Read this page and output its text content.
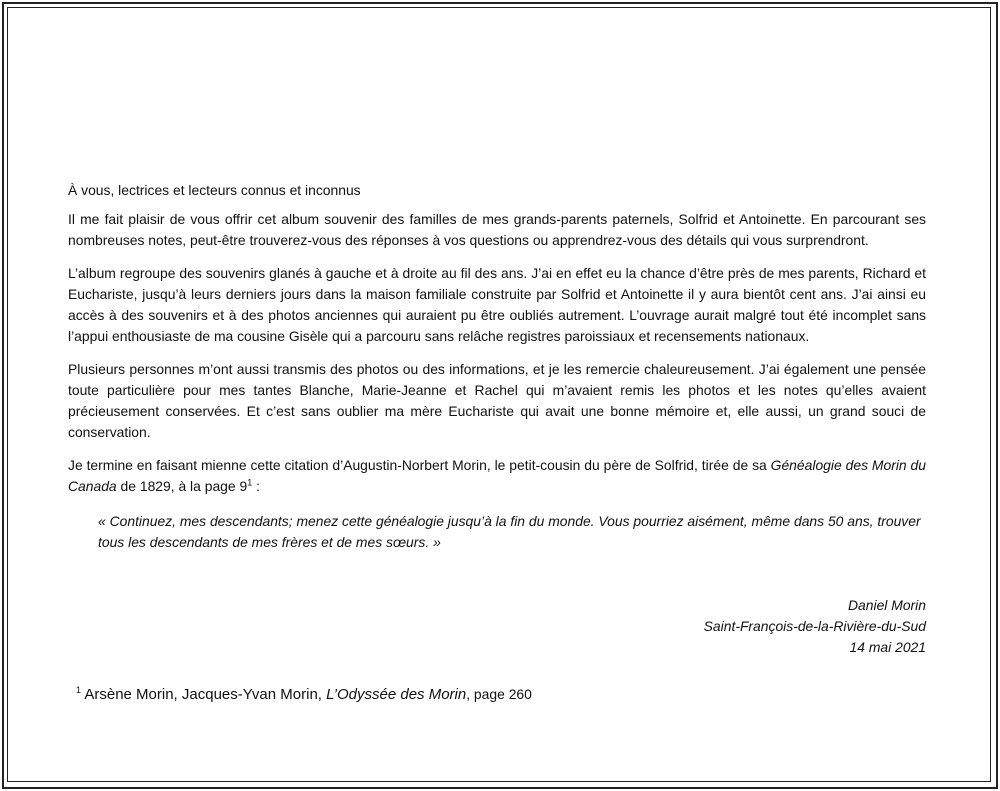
À vous, lectrices et lecteurs connus et inconnus

Il me fait plaisir de vous offrir cet album souvenir des familles de mes grands-parents paternels, Solfrid et Antoinette. En parcourant ses nombreuses notes, peut-être trouverez-vous des réponses à vos questions ou apprendrez-vous des détails qui vous surprendront.

L’album regroupe des souvenirs glanés à gauche et à droite au fil des ans. J’ai en effet eu la chance d’être près de mes parents, Richard et Euchariste, jusqu’à leurs derniers jours dans la maison familiale construite par Solfrid et Antoinette il y aura bientôt cent ans. J’ai ainsi eu accès à des souvenirs et à des photos anciennes qui auraient pu être oubliés autrement. L’ouvrage aurait malgré tout été incomplet sans l’appui enthousiaste de ma cousine Gisèle qui a parcouru sans relâche registres paroissiaux et recensements nationaux.

Plusieurs personnes m’ont aussi transmis des photos ou des informations, et je les remercie chaleureusement. J’ai également une pensée toute particulière pour mes tantes Blanche, Marie-Jeanne et Rachel qui m’avaient remis les photos et les notes qu’elles avaient précieusement conservées. Et c’est sans oublier ma mère Euchariste qui avait une bonne mémoire et, elle aussi, un grand souci de conservation.

Je termine en faisant mienne cette citation d’Augustin-Norbert Morin, le petit-cousin du père de Solfrid, tirée de sa Généalogie des Morin du Canada de 1829, à la page $9^1$ :

« Continuez, mes descendants; menez cette généalogie jusqu’à la fin du monde. Vous pourriez aisément, même dans 50 ans, trouver tous les descendants de mes frères et de mes sœurs. »

Daniel Morin
Saint-François-de-la-Rivière-du-Sud
14 mai 2021
$^1$ Arsène Morin, Jacques-Yvan Morin, L’Odyssée des Morin, page 260
